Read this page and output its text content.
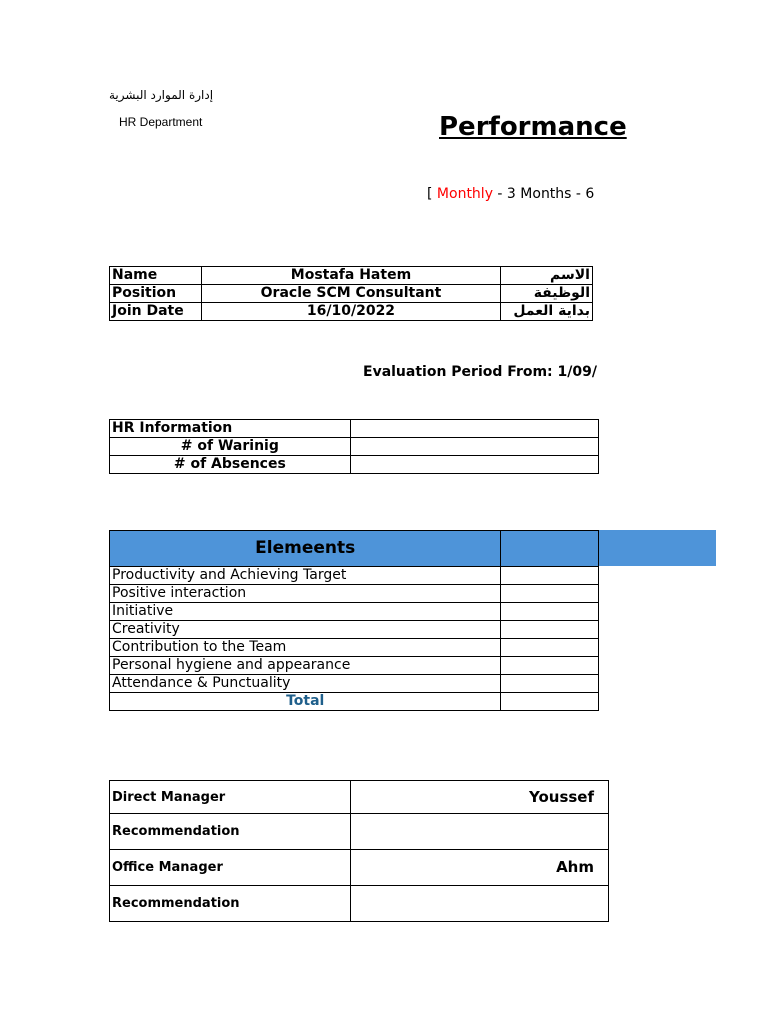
إدارة الموارد البشرية
HR Department	Performance
[ Monthly - 3 Months - 6
Name	Mostafa Hatem	الاسم
Position	Oracle SCM Consultant	الوظيفة
Join Date	16/10/2022	بداية العمل
Evaluation Period From: 1/09/
HR Information	
# of Warinig	
# of Absences	
Elemeents	
Productivity and Achieving Target	
Positive interaction	
Initiative	
Creativity	
Contribution to the Team	
Personal hygiene and appearance	
Attendance & Punctuality	
Total	
Direct Manager	Youssef
Recommendation	
Office Manager	Ahm
Recommendation	
